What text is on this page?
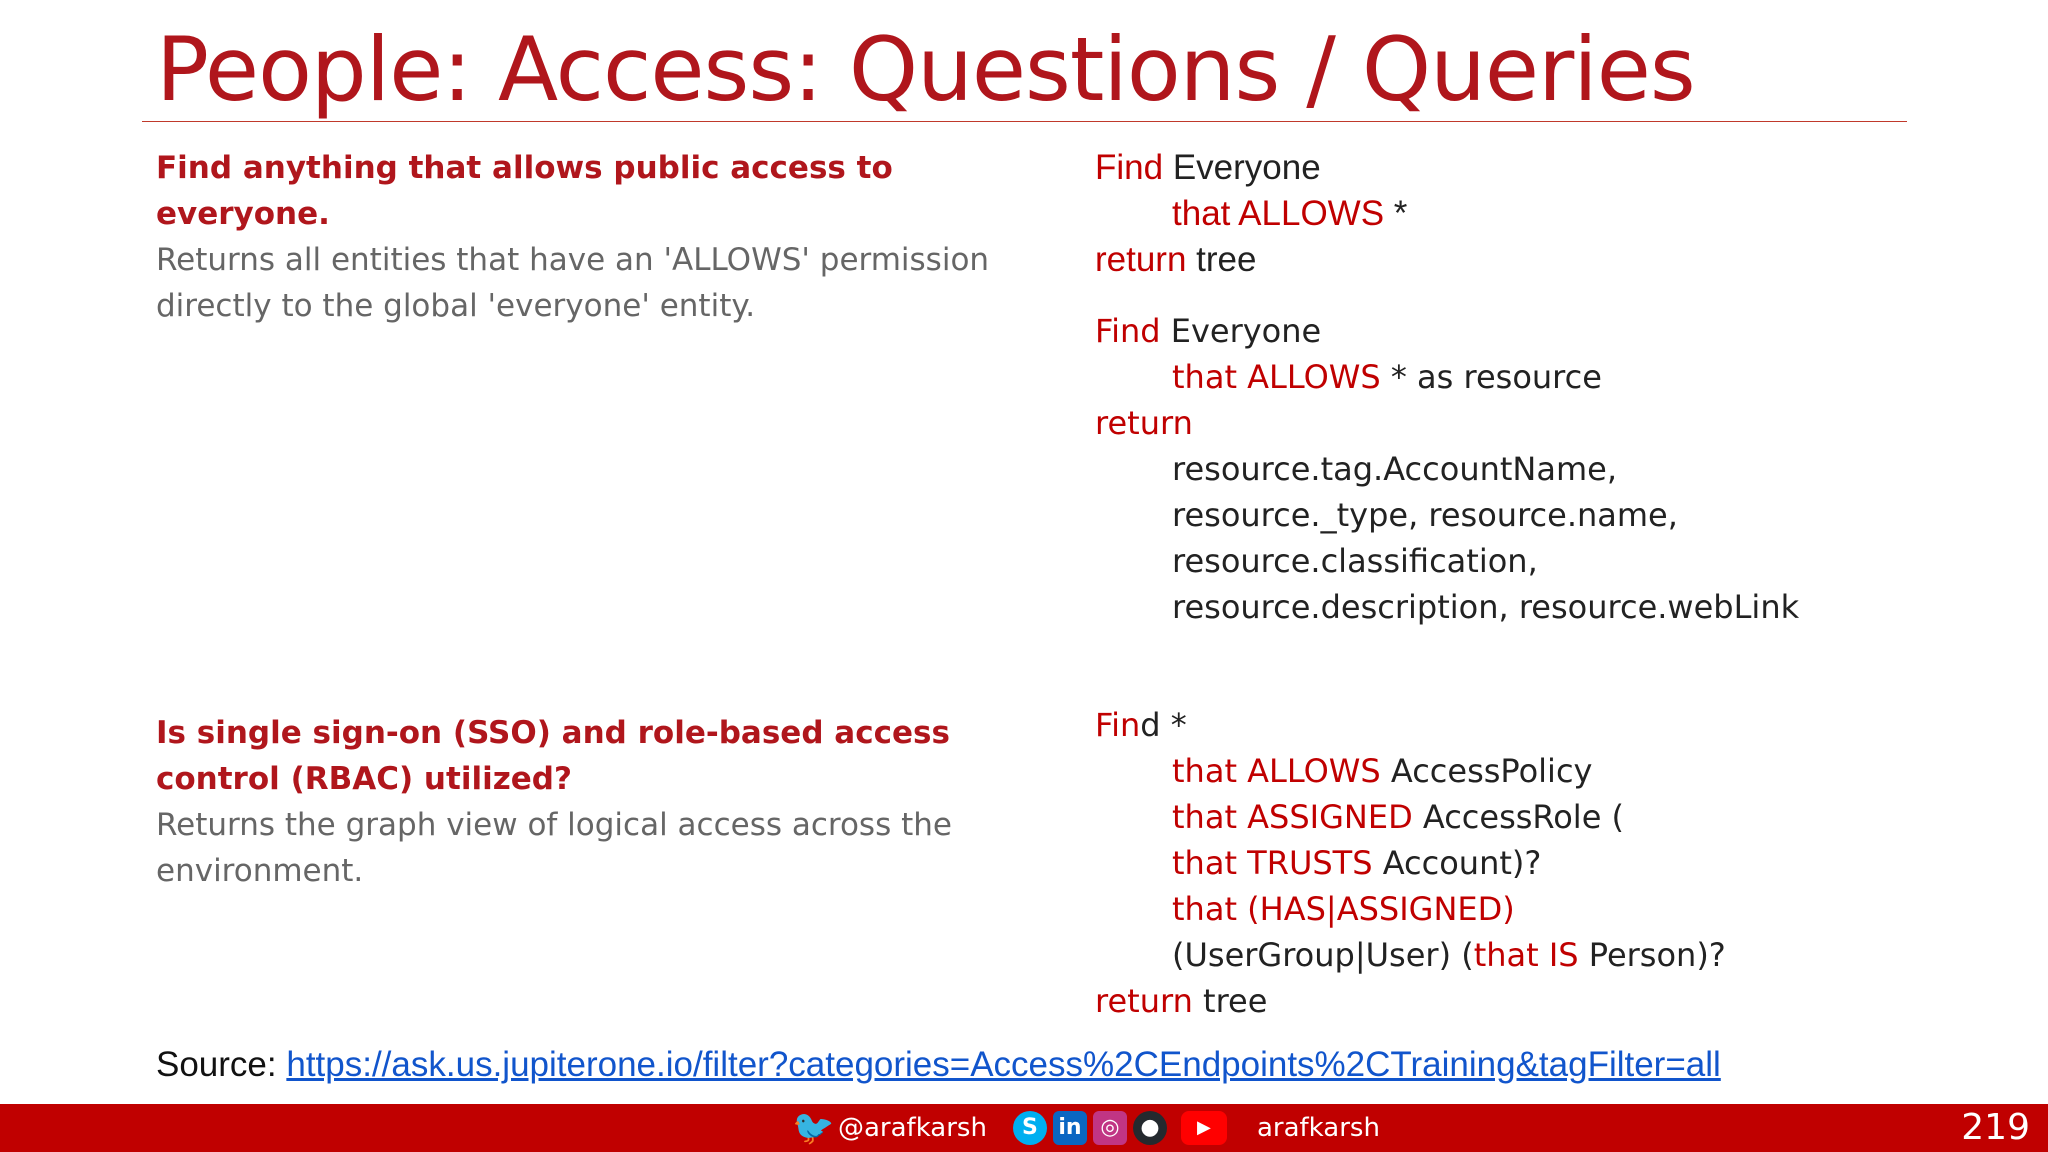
People: Access: Questions / Queries
Find anything that allows public access to everyone.
Returns all entities that have an 'ALLOWS' permission directly to the global 'everyone' entity.
Find Everyone
that ALLOWS *
return tree
Find Everyone
that ALLOWS * as resource
return
resource.tag.AccountName,
resource._type, resource.name,
resource.classification,
resource.description, resource.webLink
Is single sign-on (SSO) and role-based access
control (RBAC) utilized?
Returns the graph view of logical access across the environment.
Find *
that ALLOWS AccessPolicy
that ASSIGNED AccessRole (
that TRUSTS Account)?
that (HAS|ASSIGNED)
(UserGroup|User) (that IS Person)?
return tree
Source: https://ask.us.jupiterone.io/filter?categories=Access%2CEndpoints%2CTraining&tagFilter=all
🐦 @arafkarsh	S in ◎ ●	▶	arafkarsh	219
